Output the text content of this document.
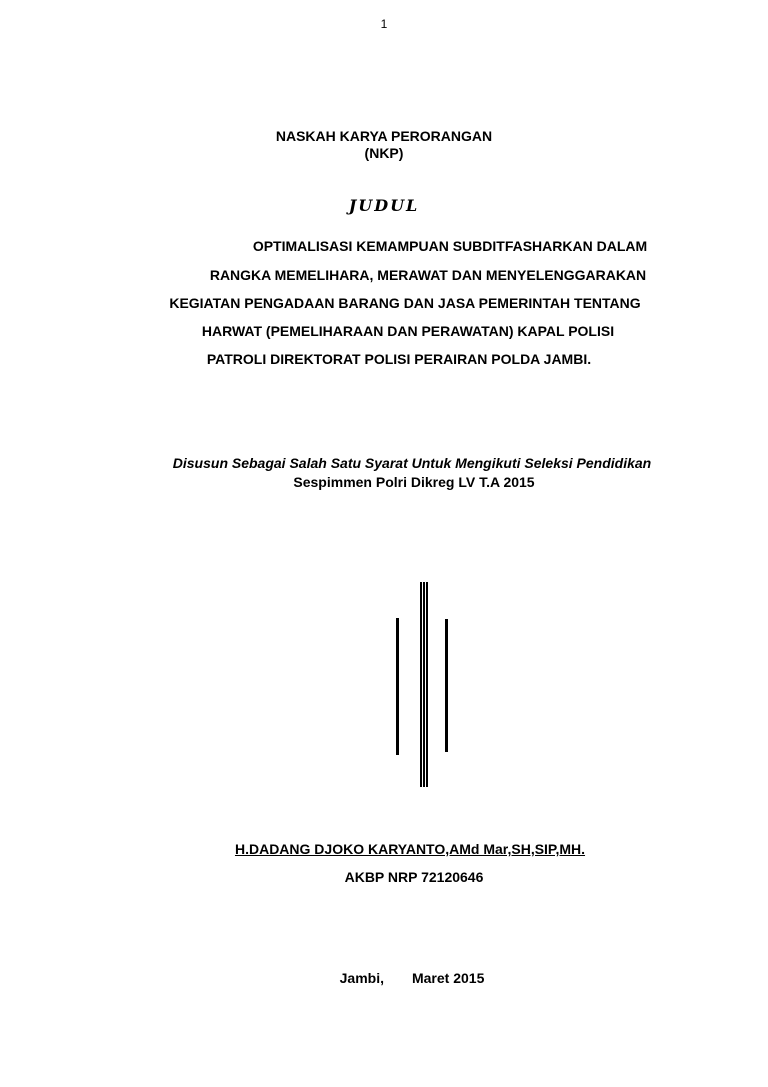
1
NASKAH KARYA PERORANGAN
(NKP)
JUDUL
OPTIMALISASI KEMAMPUAN SUBDITFASHARKAN DALAM
RANGKA MEMELIHARA, MERAWAT DAN MENYELENGGARAKAN
KEGIATAN PENGADAAN BARANG DAN JASA PEMERINTAH TENTANG
HARWAT (PEMELIHARAAN DAN PERAWATAN) KAPAL POLISI
PATROLI DIREKTORAT POLISI PERAIRAN POLDA JAMBI.
Disusun Sebagai Salah Satu Syarat Untuk Mengikuti Seleksi Pendidikan
Sespimmen Polri Dikreg LV T.A 2015
H.DADANG DJOKO KARYANTO,AMd Mar,SH,SIP,MH.
AKBP NRP 72120646
Jambi, Maret 2015
